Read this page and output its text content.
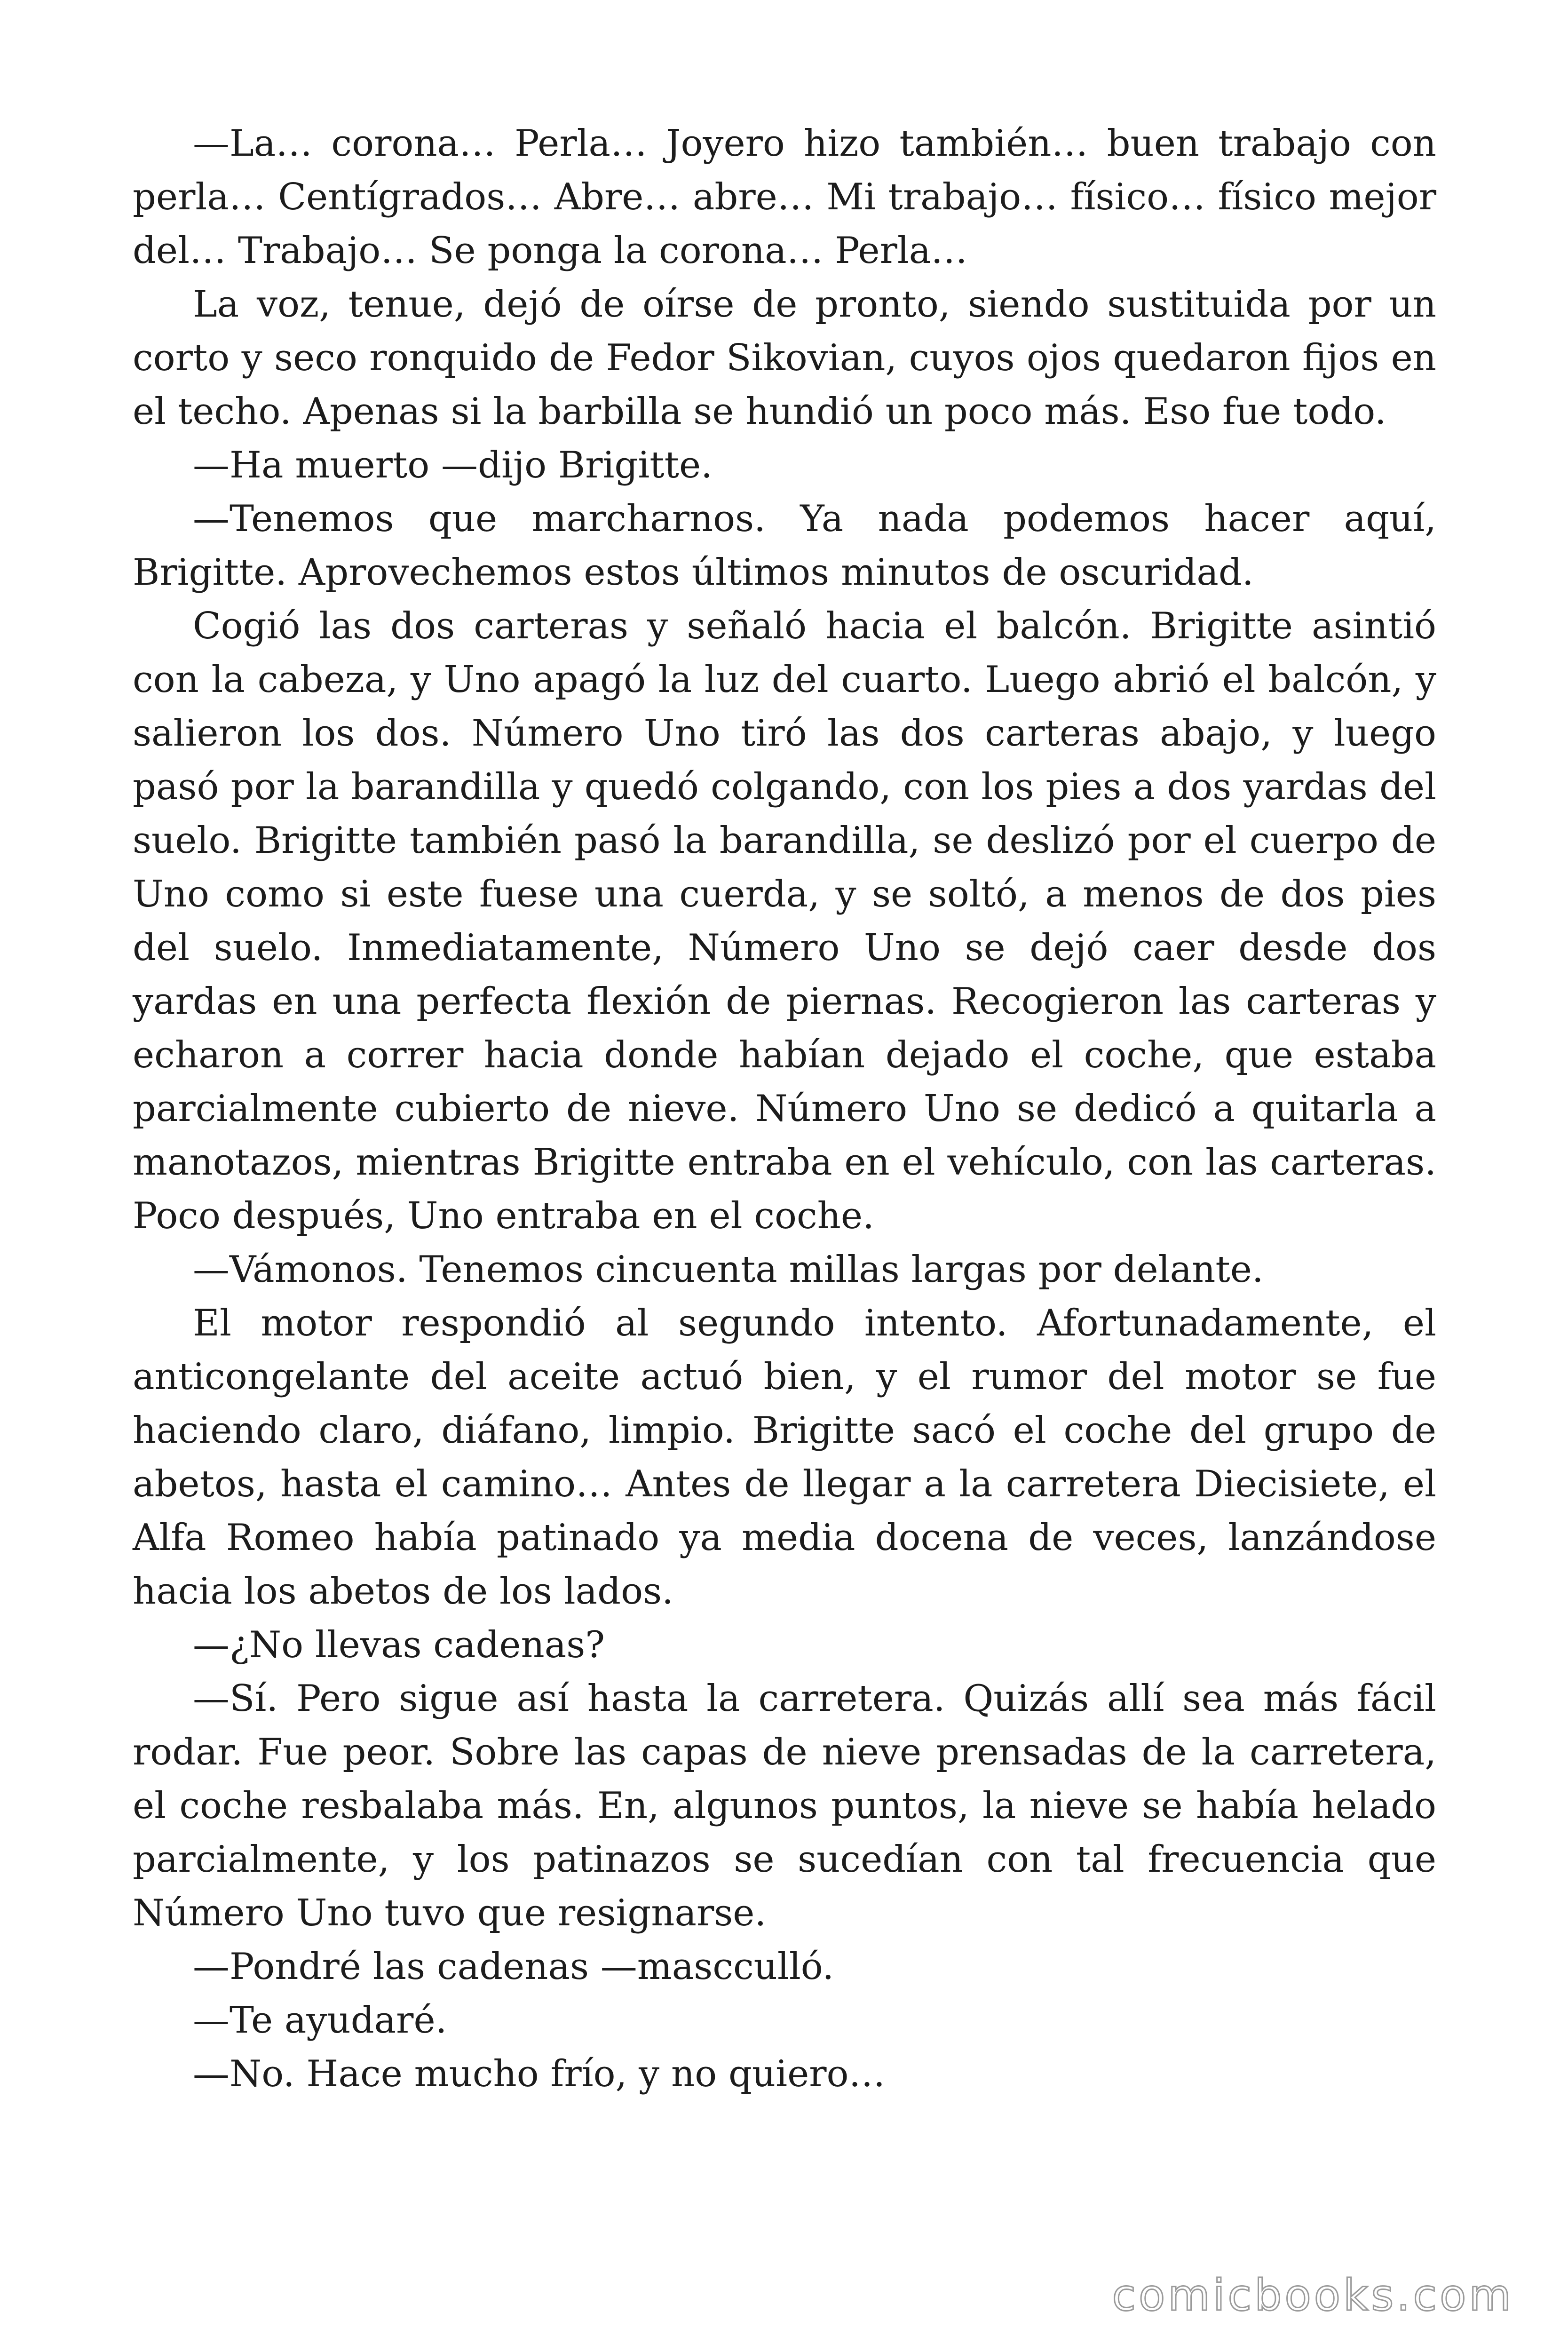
—La… corona… Perla… Joyero hizo también… buen trabajo con perla… Centígrados… Abre… abre… Mi trabajo… físico… físico mejor del… Trabajo… Se ponga la corona… Perla…

La voz, tenue, dejó de oírse de pronto, siendo sustituida por un corto y seco ronquido de Fedor Sikovian, cuyos ojos quedaron fijos en el techo. Apenas si la barbilla se hundió un poco más. Eso fue todo.

—Ha muerto —dijo Brigitte.

—Tenemos que marcharnos. Ya nada podemos hacer aquí, Brigitte. Aprovechemos estos últimos minutos de oscuridad.

Cogió las dos carteras y señaló hacia el balcón. Brigitte asintió con la cabeza, y Uno apagó la luz del cuarto. Luego abrió el balcón, y salieron los dos. Número Uno tiró las dos carteras abajo, y luego pasó por la barandilla y quedó colgando, con los pies a dos yardas del suelo. Brigitte también pasó la barandilla, se deslizó por el cuerpo de Uno como si este fuese una cuerda, y se soltó, a menos de dos pies del suelo. Inmediatamente, Número Uno se dejó caer desde dos yardas en una perfecta flexión de piernas. Recogieron las carteras y echaron a correr hacia donde habían dejado el coche, que estaba parcialmente cubierto de nieve. Número Uno se dedicó a quitarla a manotazos, mientras Brigitte entraba en el vehículo, con las carteras. Poco después, Uno entraba en el coche.

—Vámonos. Tenemos cincuenta millas largas por delante.

El motor respondió al segundo intento. Afortunadamente, el anticongelante del aceite actuó bien, y el rumor del motor se fue haciendo claro, diáfano, limpio. Brigitte sacó el coche del grupo de abetos, hasta el camino… Antes de llegar a la carretera Diecisiete, el Alfa Romeo había patinado ya media docena de veces, lanzándose hacia los abetos de los lados.

—¿No llevas cadenas?

—Sí. Pero sigue así hasta la carretera. Quizás allí sea más fácil rodar. Fue peor. Sobre las capas de nieve prensadas de la carretera, el coche resbalaba más. En, algunos puntos, la nieve se había helado parcialmente, y los patinazos se sucedían con tal frecuencia que Número Uno tuvo que resignarse.

—Pondré las cadenas —mascculló.

—Te ayudaré.

—No. Hace mucho frío, y no quiero…

comicbooks.com
